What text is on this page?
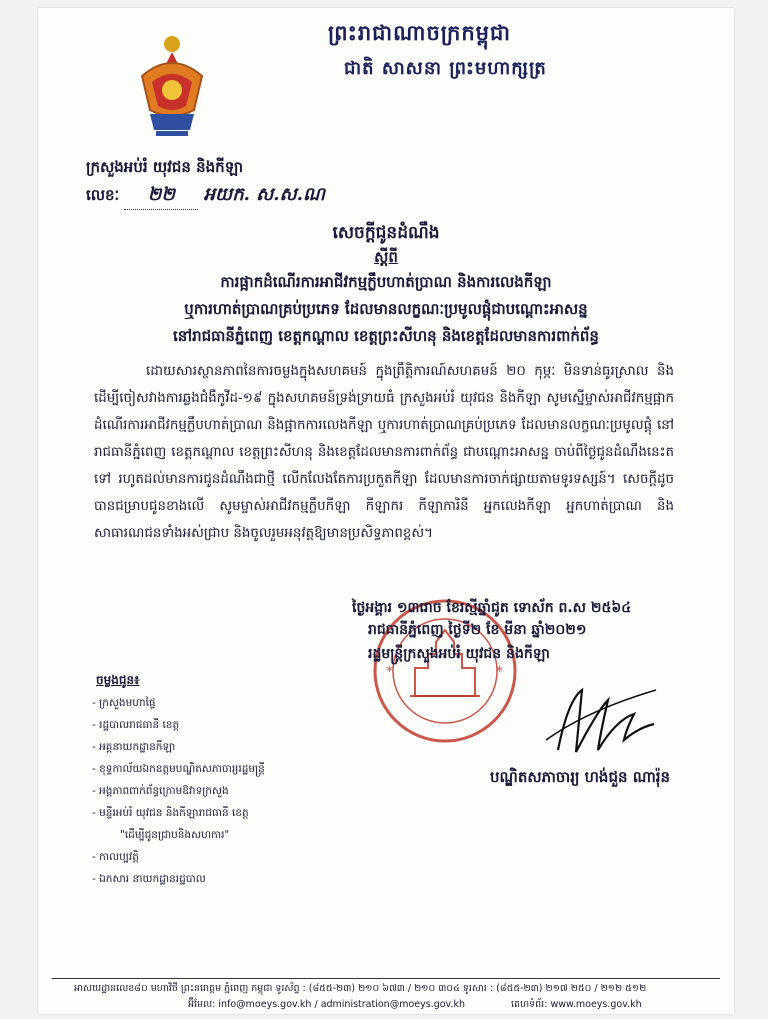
ព្រះរាជាណាចក្រកម្ពុជា
ជាតិ សាសនា ព្រះមហាក្សត្រ
ក្រសួងអប់រំ យុវជន និងកីឡា
លេខៈ ២២ អយក. ស.ស.ណ
សេចក្តីជូនដំណឹង
ស្តីពី
ការផ្អាកដំណើរការអាជីវកម្មក្លឹបហាត់ប្រាណ និងការលេងកីឡា
ឬការហាត់ប្រាណគ្រប់ប្រភេទ ដែលមានលក្ខណៈប្រមូលផ្តុំជាបណ្តោះអាសន្ន
នៅរាជធានីភ្នំពេញ ខេត្តកណ្តាល ខេត្តព្រះសីហនុ និងខេត្តដែលមានការពាក់ព័ន្ធ
ដោយសារស្ថានភាពនៃការចម្លងក្នុងសហគមន៍ ក្នុងព្រឹត្តិការណ៍សហគមន៍ ២០ កុម្ភៈ មិនទាន់ធូរស្រាល និងដើម្បីចៀសវាងការឆ្លងជំងឺកូវីដ-១៩ ក្នុងសហគមន៍ទ្រង់ទ្រាយធំ ក្រសួងអប់រំ យុវជន និងកីឡា សូមស្នើម្ចាស់អាជីវកម្មផ្អាកដំណើរការអាជីវកម្មក្លឹបហាត់ប្រាណ និងផ្អាកការលេងកីឡា ឬការហាត់ប្រាណគ្រប់ប្រភេទ ដែលមានលក្ខណៈប្រមូលផ្តុំ នៅរាជធានីភ្នំពេញ ខេត្តកណ្តាល ខេត្តព្រះសីហនុ និងខេត្តដែលមានការពាក់ព័ន្ធ ជាបណ្តោះអាសន្ន ចាប់ពីថ្ងៃជូនដំណឹងនេះតទៅ រហូតដល់មានការជូនដំណឹងជាថ្មី លើកលែងតែការប្រកួតកីឡា ដែលមានការចាក់ផ្សាយតាមទូរទស្សន៍។ សេចក្តីដូចបានជម្រាបជូនខាងលើ សូមម្ចាស់អាជីវកម្មក្លឹបកីឡា កីឡាករ កីឡាការិនី អ្នកលេងកីឡា អ្នកហាត់ប្រាណ និងសាធារណជនទាំងអស់ជ្រាប និងចូលរួមអនុវត្តឱ្យមានប្រសិទ្ធភាពខ្ពស់។
*	*
ថ្ងៃអង្គារ ១៣រោច ខែរស្មីឆ្នាំជូត ទោស័ក ព.ស ២៥៦៤
រាជធានីភ្នំពេញ ថ្ងៃទី២ ខែ មីនា ឆ្នាំ២០២១
រដ្ឋមន្ត្រីក្រសួងអប់រំ យុវជន និងកីឡា
បណ្ឌិតសភាចារ្យ ហង់ជួន ណារ៉ុន
ចម្លងជូន៖
- ក្រសួងមហាផ្ទៃ
- រដ្ឋបាលរាជធានី ខេត្ត
- អគ្គនាយកដ្ឋានកីឡា
- ខុទ្ទកាល័យឯកឧត្តមបណ្ឌិតសភាចារ្យរដ្ឋមន្ត្រី
- អង្គភាពពាក់ព័ន្ធក្រោមឱវាទក្រសួង
- មន្ទីរអប់រំ យុវជន និងកីឡារាជធានី ខេត្ត
"ដើម្បីជូនជ្រាបនិងសហការ"
- កាលប្បវត្តិ
- ឯកសារ នាយកដ្ឋានរដ្ឋបាល
អាសយដ្ឋានលេខ៨០ មហាវិថី ព្រះនរោត្តម ភ្នំពេញ កម្ពុជា ទូរស័ព្ទ : (៨៥៥-២៣) ២១០ ៦៧៣ / ២១០ ៣០៤ ទូរសារ : (៨៥៥-២៣) ២១៧ ២៥០ / ២១២ ៥១២
អ៊ីមែល: info@moeys.gov.kh / administration@moeys.gov.kh	គេហទំព័រ: www.moeys.gov.kh
